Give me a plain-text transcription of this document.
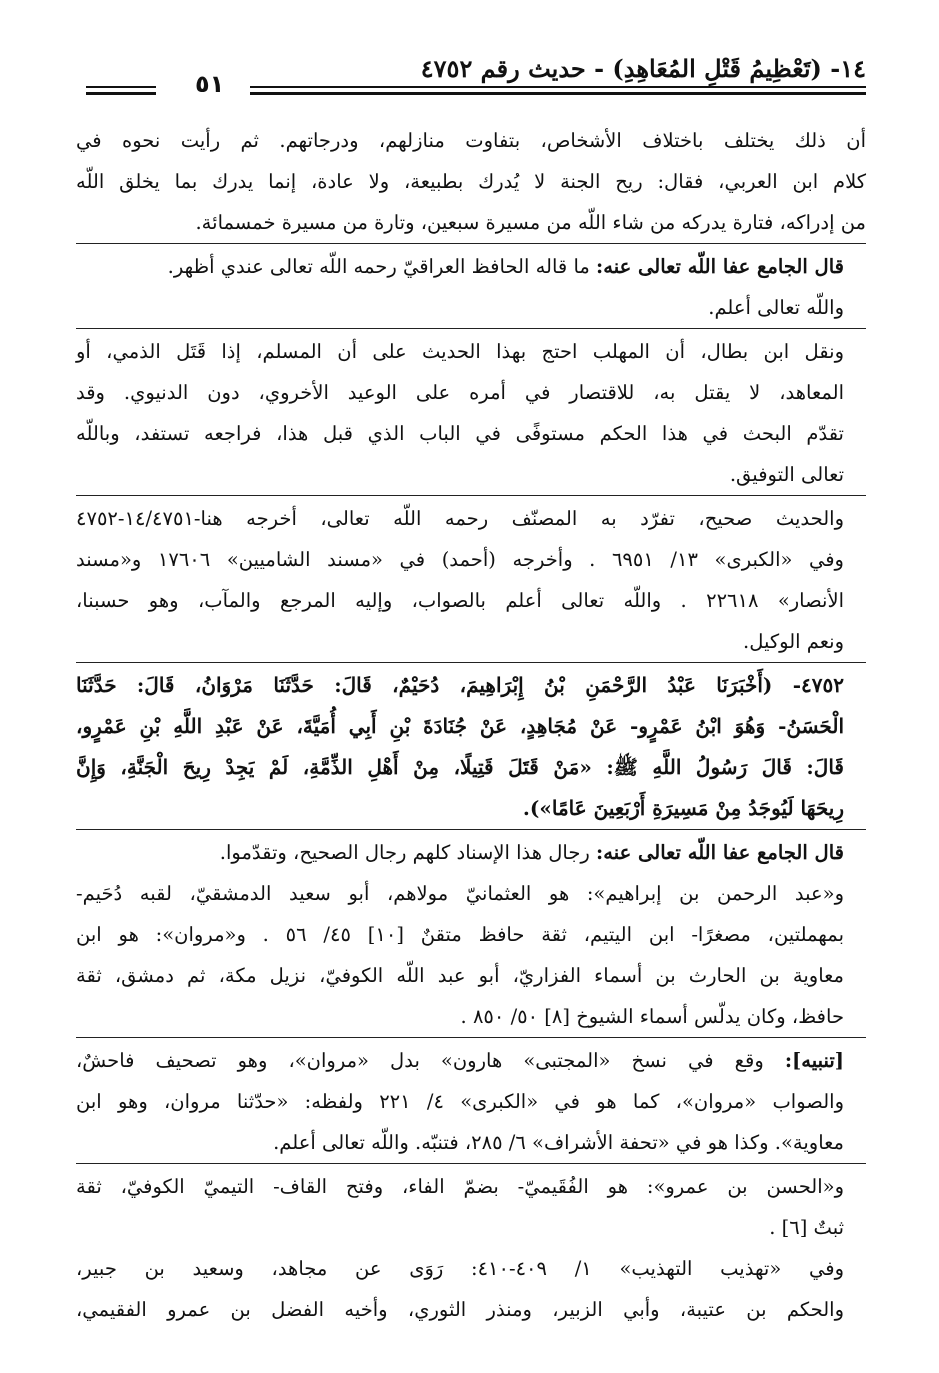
١٤- (تَعْظِيمُ قَتْلِ المُعَاهِدِ) - حديث رقم ٤٧٥٢
٥١

أن ذلك يختلف باختلاف الأشخاص، بتفاوت منازلهم، ودرجاتهم. ثم رأيت نحوه في
كلام ابن العربي، فقال: ريح الجنة لا يُدرك بطبيعة، ولا عادة، إنما يدرك بما يخلق اللّه
من إدراكه، فتارة يدركه من شاء اللّه من مسيرة سبعين، وتارة من مسيرة خمسمائة.

قال الجامع عفا اللّه تعالى عنه: ما قاله الحافظ العراقيّ رحمه اللّه تعالى عندي أظهر.
واللّه تعالى أعلم.

ونقل ابن بطال، أن المهلب احتج بهذا الحديث على أن المسلم، إذا قَتَل الذمي، أو
المعاهد، لا يقتل به، للاقتصار في أمره على الوعيد الأخروي، دون الدنيوي. وقد
تقدّم البحث في هذا الحكم مستوفًى في الباب الذي قبل هذا، فراجعه تستفد، وباللّه
تعالى التوفيق.

والحديث صحيح، تفرّد به المصنّف رحمه اللّه تعالى، أخرجه هنا-١٤/٤٧٥١-٤٧٥٢
وفي «الكبرى» ١٣/ ٦٩٥١ . وأخرجه (أحمد) في «مسند الشاميين» ١٧٦٠٦ و«مسند
الأنصار» ٢٢٦١٨ . واللّه تعالى أعلم بالصواب، وإليه المرجع والمآب، وهو حسبنا،
ونعم الوكيل.

٤٧٥٢- (أَخْبَرَنَا عَبْدُ الرَّحْمَنِ بْنُ إِبْرَاهِيمَ، دُحَيْمٌ، قَالَ: حَدَّثَنَا مَرْوَانُ، قَالَ: حَدَّثَنَا
الْحَسَنُ- وَهُوَ ابْنُ عَمْرٍو- عَنْ مُجَاهِدٍ، عَنْ جُنَادَةَ بْنِ أَبِي أُمَيَّةَ، عَنْ عَبْدِ اللَّهِ بْنِ عَمْرٍو،
قَالَ: قَالَ رَسُولُ اللَّهِ ﷺ: «مَنْ قَتَلَ قَتِيلًا، مِنْ أَهْلِ الذِّمَّةِ، لَمْ يَجِدْ رِيحَ الْجَنَّةِ، وَإِنَّ
رِيحَهَا لَيُوجَدُ مِنْ مَسِيرَةِ أَرْبَعِينَ عَامًا»).

قال الجامع عفا اللّه تعالى عنه: رجال هذا الإسناد كلهم رجال الصحيح، وتقدّموا.

و«عبد الرحمن بن إبراهيم»: هو العثمانيّ مولاهم، أبو سعيد الدمشقيّ، لقبه دُحَيم-
بمهملتين، مصغرًا- ابن اليتيم، ثقة حافظ متقنٌ [١٠] ٤٥/ ٥٦ . و«مروان»: هو ابن
معاوية بن الحارث بن أسماء الفزاريّ، أبو عبد اللّه الكوفيّ، نزيل مكة، ثم دمشق، ثقة
حافظ، وكان يدلّس أسماء الشيوخ [٨] ٥٠/ ٨٥٠ .

[تنبيه]: وقع في نسخ «المجتبى» هارون» بدل «مروان»، وهو تصحيف فاحشٌ،
والصواب «مروان»، كما هو في «الكبرى» ٤/ ٢٢١ ولفظه: «حدّثنا مروان، وهو ابن
معاوية». وكذا هو في «تحفة الأشراف» ٦/ ٢٨٥، فتنبّه. واللّه تعالى أعلم.

و«الحسن بن عمرو»: هو الفُقَيميّ- بضمّ الفاء، وفتح القاف- التيميّ الكوفيّ، ثقة
ثبتٌ [٦] .

وفي «تهذيب التهذيب» ١/ ٤٠٩-٤١٠: رَوَى عن مجاهد، وسعيد بن جبير،
والحكم بن عتيبة، وأبي الزبير، ومنذر الثوري، وأخيه الفضل بن عمرو الفقيمي،
